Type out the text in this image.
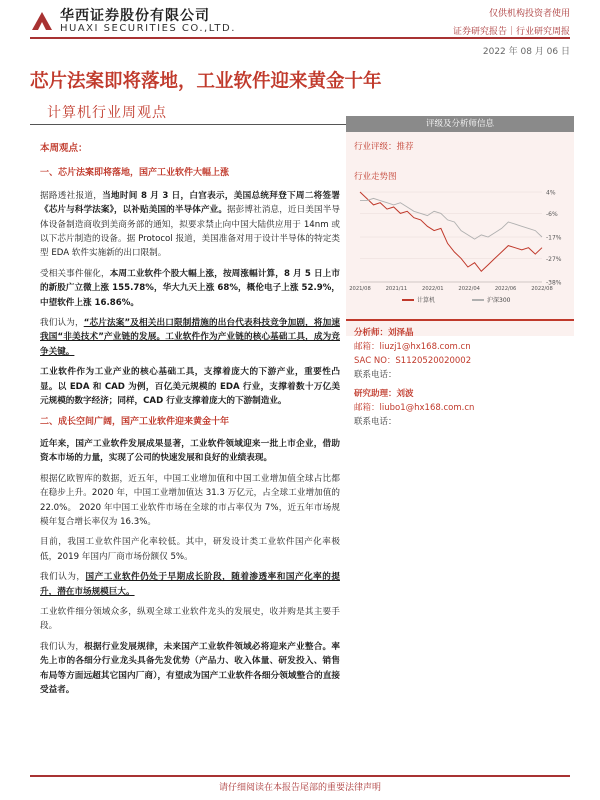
华西证券股份有限公司
HUAXI SECURITIES CO.,LTD.
仅供机构投资者使用
证券研究报告｜行业研究周报
2022 年 08 月 06 日
芯片法案即将落地，工业软件迎来黄金十年
计算机行业周观点
本周观点：
一、芯片法案即将落地，国产工业软件大幅上涨

据路透社报道，当地时间 8 月 3 日，白宫表示，美国总统拜登下周二将签署《芯片与科学法案》，以补贴美国的半导体产业。据彭博社消息，近日美国半导体设备制造商收到美商务部的通知，拟要求禁止向中国大陆供应用于 14nm 或以下芯片制造的设备。据 Protocol 报道，美国准备对用于设计半导体的特定类型 EDA 软件实施新的出口限制。

受相关事件催化，本周工业软件个股大幅上涨，按周涨幅计算，8 月 5 日上市的新股广立微上涨 155.78%，华大九天上涨 68%，概伦电子上涨 52.9%，中望软件上涨 16.86%。

我们认为，“芯片法案”及相关出口限制措施的出台代表科技竞争加剧，将加速我国“非美技术”产业链的发展。工业软件作为产业链的核心基础工具，成为竞争关键。

工业软件作为工业产业的核心基础工具，支撑着庞大的下游产业，重要性凸显。以 EDA 和 CAD 为例，百亿美元规模的 EDA 行业，支撑着数十万亿美元规模的数字经济；同样，CAD 行业支撑着庞大的下游制造业。

二、成长空间广阔，国产工业软件迎来黄金十年

近年来，国产工业软件发展成果显著，工业软件领域迎来一批上市企业，借助资本市场的力量，实现了公司的快速发展和良好的业绩表现。

根据亿欧智库的数据，近五年，中国工业增加值和中国工业增加值全球占比都在稳步上升。2020 年，中国工业增加值达 31.3 万亿元，占全球工业增加值的 22.0%。 2020 年中国工业软件市场在全球的市占率仅为 7%，近五年市场规模年复合增长率仅为 16.3%。

目前，我国工业软件国产化率较低。其中，研发设计类工业软件国产化率极低，2019 年国内厂商市场份额仅 5%。

我们认为，国产工业软件仍处于早期成长阶段，随着渗透率和国产化率的提升，潜在市场规模巨大。

工业软件细分领域众多，纵观全球工业软件龙头的发展史，收并购是其主要手段。

我们认为，根据行业发展规律，未来国产工业软件领域必将迎来产业整合。率先上市的各细分行业龙头具备先发优势（产品力、收入体量、研发投入、销售布局等方面远超其它国内厂商），有望成为国产工业软件各细分领域整合的直接受益者。

评级及分析师信息
行业评级：推荐
行业走势图
4%
-6%
-17%
-27%
-38%
2021/08	2021/11	2022/01	2022/04	2022/06	2022/08
计算机	沪深300
分析师：刘泽晶
邮箱：liuzj1@hx168.com.cn
SAC NO：S1120520020002
联系电话：
研究助理：刘波
邮箱：liubo1@hx168.com.cn
联系电话：
请仔细阅读在本报告尾部的重要法律声明
